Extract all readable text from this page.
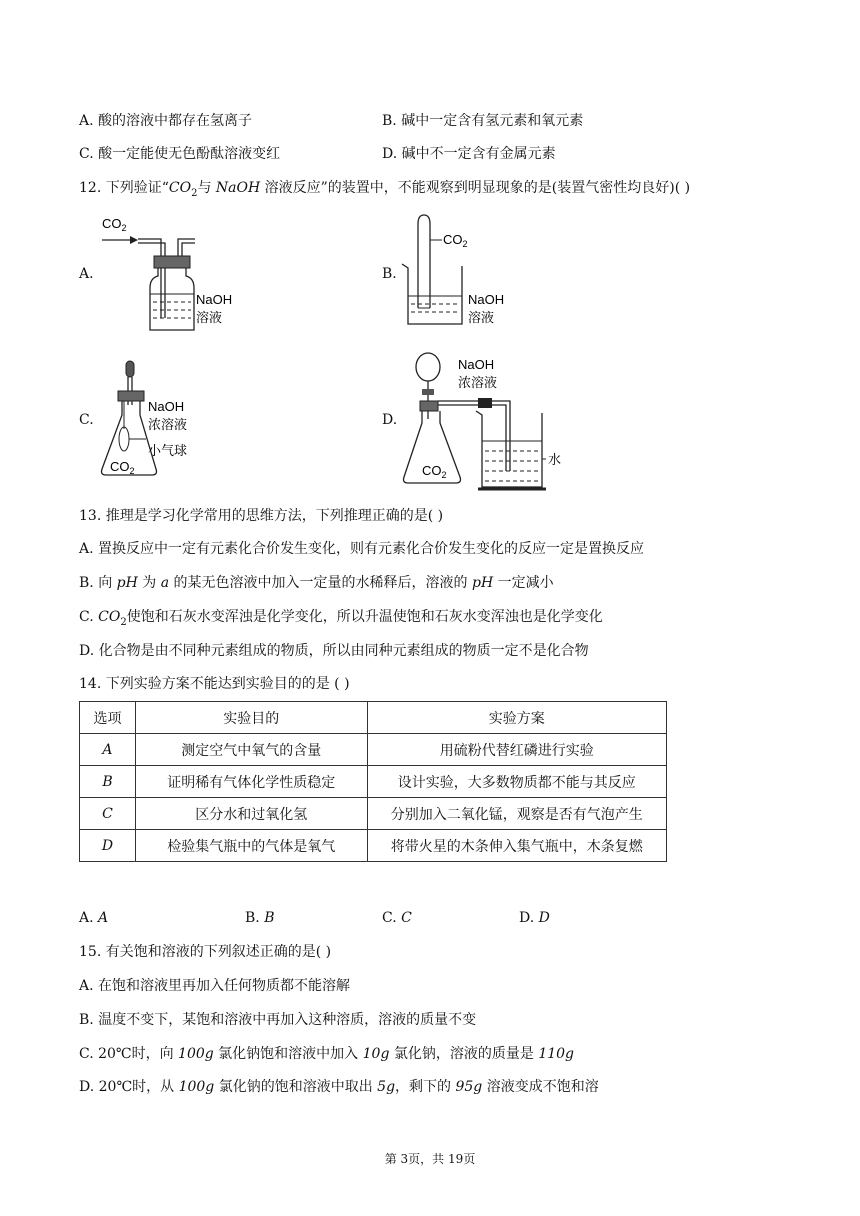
A. 酸的溶液中都存在氢离子	B. 碱中一定含有氢元素和氧元素
C. 酸一定能使无色酚酞溶液变红	D. 碱中不一定含有金属元素
12. 下列验证“$CO_2$与 NaOH 溶液反应”的装置中，不能观察到明显现象的是(装置气密性均良好)( )
A.
$CO_2$
NaOH
溶液
B.
$CO_2$
NaOH
溶液
C.
NaOH
浓溶液
小气球
$CO_2$
D.
$CO_2$
水
NaOH
浓溶液
13. 推理是学习化学常用的思维方法，下列推理正确的是( )
A. 置换反应中一定有元素化合价发生变化，则有元素化合价发生变化的反应一定是置换反应
B. 向 pH 为 a 的某无色溶液中加入一定量的水稀释后，溶液的 pH 一定减小
C. $CO_2$使饱和石灰水变浑浊是化学变化，所以升温使饱和石灰水变浑浊也是化学变化
D. 化合物是由不同种元素组成的物质，所以由同种元素组成的物质一定不是化合物
14. 下列实验方案不能达到实验目的的是 ( )
选项	实验目的	实验方案
A	测定空气中氧气的含量	用硫粉代替红磷进行实验
B	证明稀有气体化学性质稳定	设计实验，大多数物质都不能与其反应
C	区分水和过氧化氢	分别加入二氧化锰，观察是否有气泡产生
D	检验集气瓶中的气体是氧气	将带火星的木条伸入集气瓶中，木条复燃
A. A	B. B	C. C	D. D
15. 有关饱和溶液的下列叙述正确的是( )
A. 在饱和溶液里再加入任何物质都不能溶解
B. 温度不变下，某饱和溶液中再加入这种溶质，溶液的质量不变
C. 20℃时，向 100g 氯化钠饱和溶液中加入 10g 氯化钠，溶液的质量是 110g
D. 20℃时，从 100g 氯化钠的饱和溶液中取出 5g，剩下的 95g 溶液变成不饱和溶
第 3页，共 19页
